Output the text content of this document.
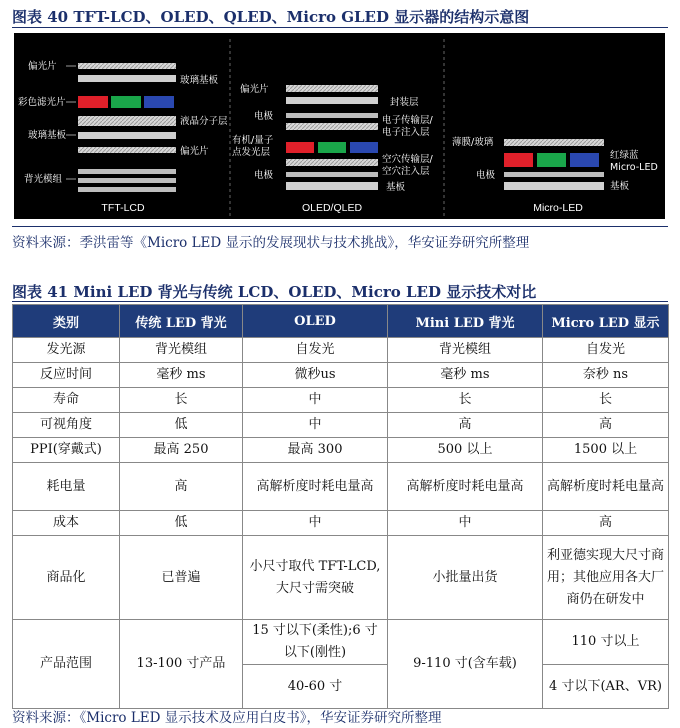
图表 40 TFT-LCD、OLED、QLED、Micro GLED 显示器的结构示意图
偏光片
彩色滤光片
玻璃基板
背光模组
玻璃基板
液晶分子层
偏光片
TFT-LCD
偏光片
封装层
电极	电子传输层/
电子注入层
有机/量子
点发光层
空穴传输层/
空穴注入层
电极
基板
OLED/QLED
薄膜/玻璃
红绿蓝
Micro-LED
电极
基板
Micro-LED
资料来源：季洪雷等《Micro LED 显示的发展现状与技术挑战》，华安证券研究所整理
图表 41 Mini LED 背光与传统 LCD、OLED、Micro LED 显示技术对比
类别	传统 LED 背光	OLED	Mini LED 背光	Micro LED 显示
发光源	背光模组	自发光	背光模组	自发光
反应时间	毫秒 ms	微秒us	毫秒 ms	奈秒 ns
寿命	长	中	长	长
可视角度	低	中	高	高
PPI(穿戴式)	最高 250	最高 300	500 以上	1500 以上
耗电量	高	高解析度时耗电量高	高解析度时耗电量高	高解析度时耗电量高
成本	低	中	中	高
商品化	已普遍	小尺寸取代 TFT-LCD,大尺寸需突破	小批量出货	利亚德实现大尺寸商用；其他应用各大厂商仍在研发中
产品范围	13-100 寸产品	15 寸以下(柔性);6 寸以下(刚性)	9-110 寸(含车载)	110 寸以上
		40-60 寸		4 寸以下(AR、VR)
资料来源：《Micro LED 显示技术及应用白皮书》，华安证券研究所整理
